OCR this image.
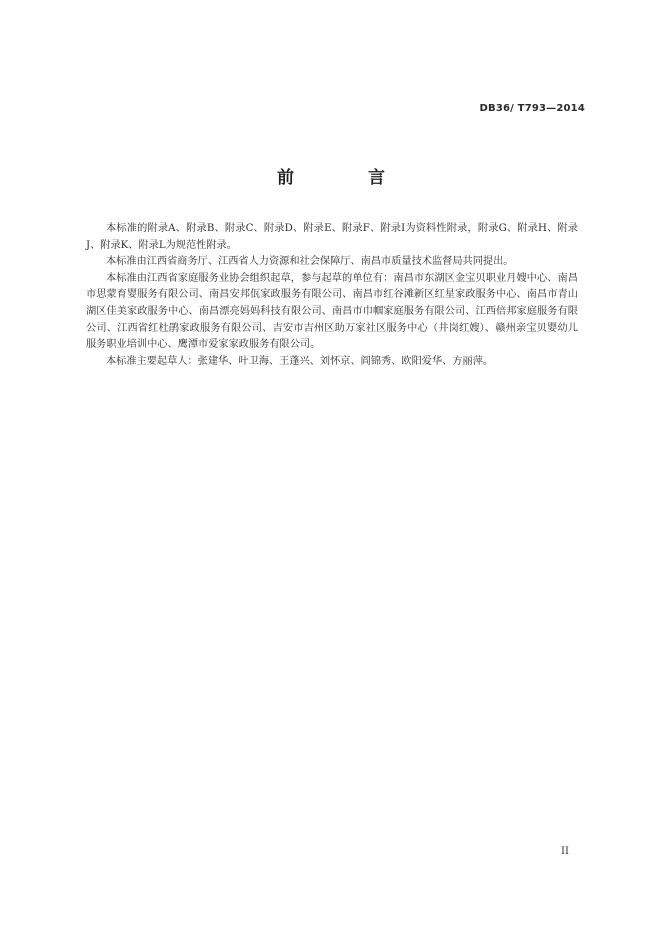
DB36/ T793—2014
前 言

本标准的附录A、附录B、附录C、附录D、附录E、附录F、附录I为资料性附录，附录G、附录H、附录J、附录K、附录L为规范性附录。

本标准由江西省商务厅、江西省人力资源和社会保障厅、南昌市质量技术监督局共同提出。

本标准由江西省家庭服务业协会组织起草，参与起草的单位有：南昌市东湖区金宝贝职业月嫂中心、南昌市思蒙育婴服务有限公司、南昌安邦佤家政服务有限公司、南昌市红谷滩新区红星家政服务中心、南昌市青山湖区佳美家政服务中心、南昌漂亮妈妈科技有限公司、南昌市巾帼家庭服务有限公司、江西倍邦家庭服务有限公司、江西省红杜鹃家政服务有限公司、吉安市吉州区助万家社区服务中心（井岗红嫂）、赣州亲宝贝婴幼儿服务职业培训中心、鹰潭市爱家家政服务有限公司。

本标准主要起草人：张建华、叶卫海、王蓬兴、刘怀京、阎锦秀、欧阳爱华、方丽萍。

II
